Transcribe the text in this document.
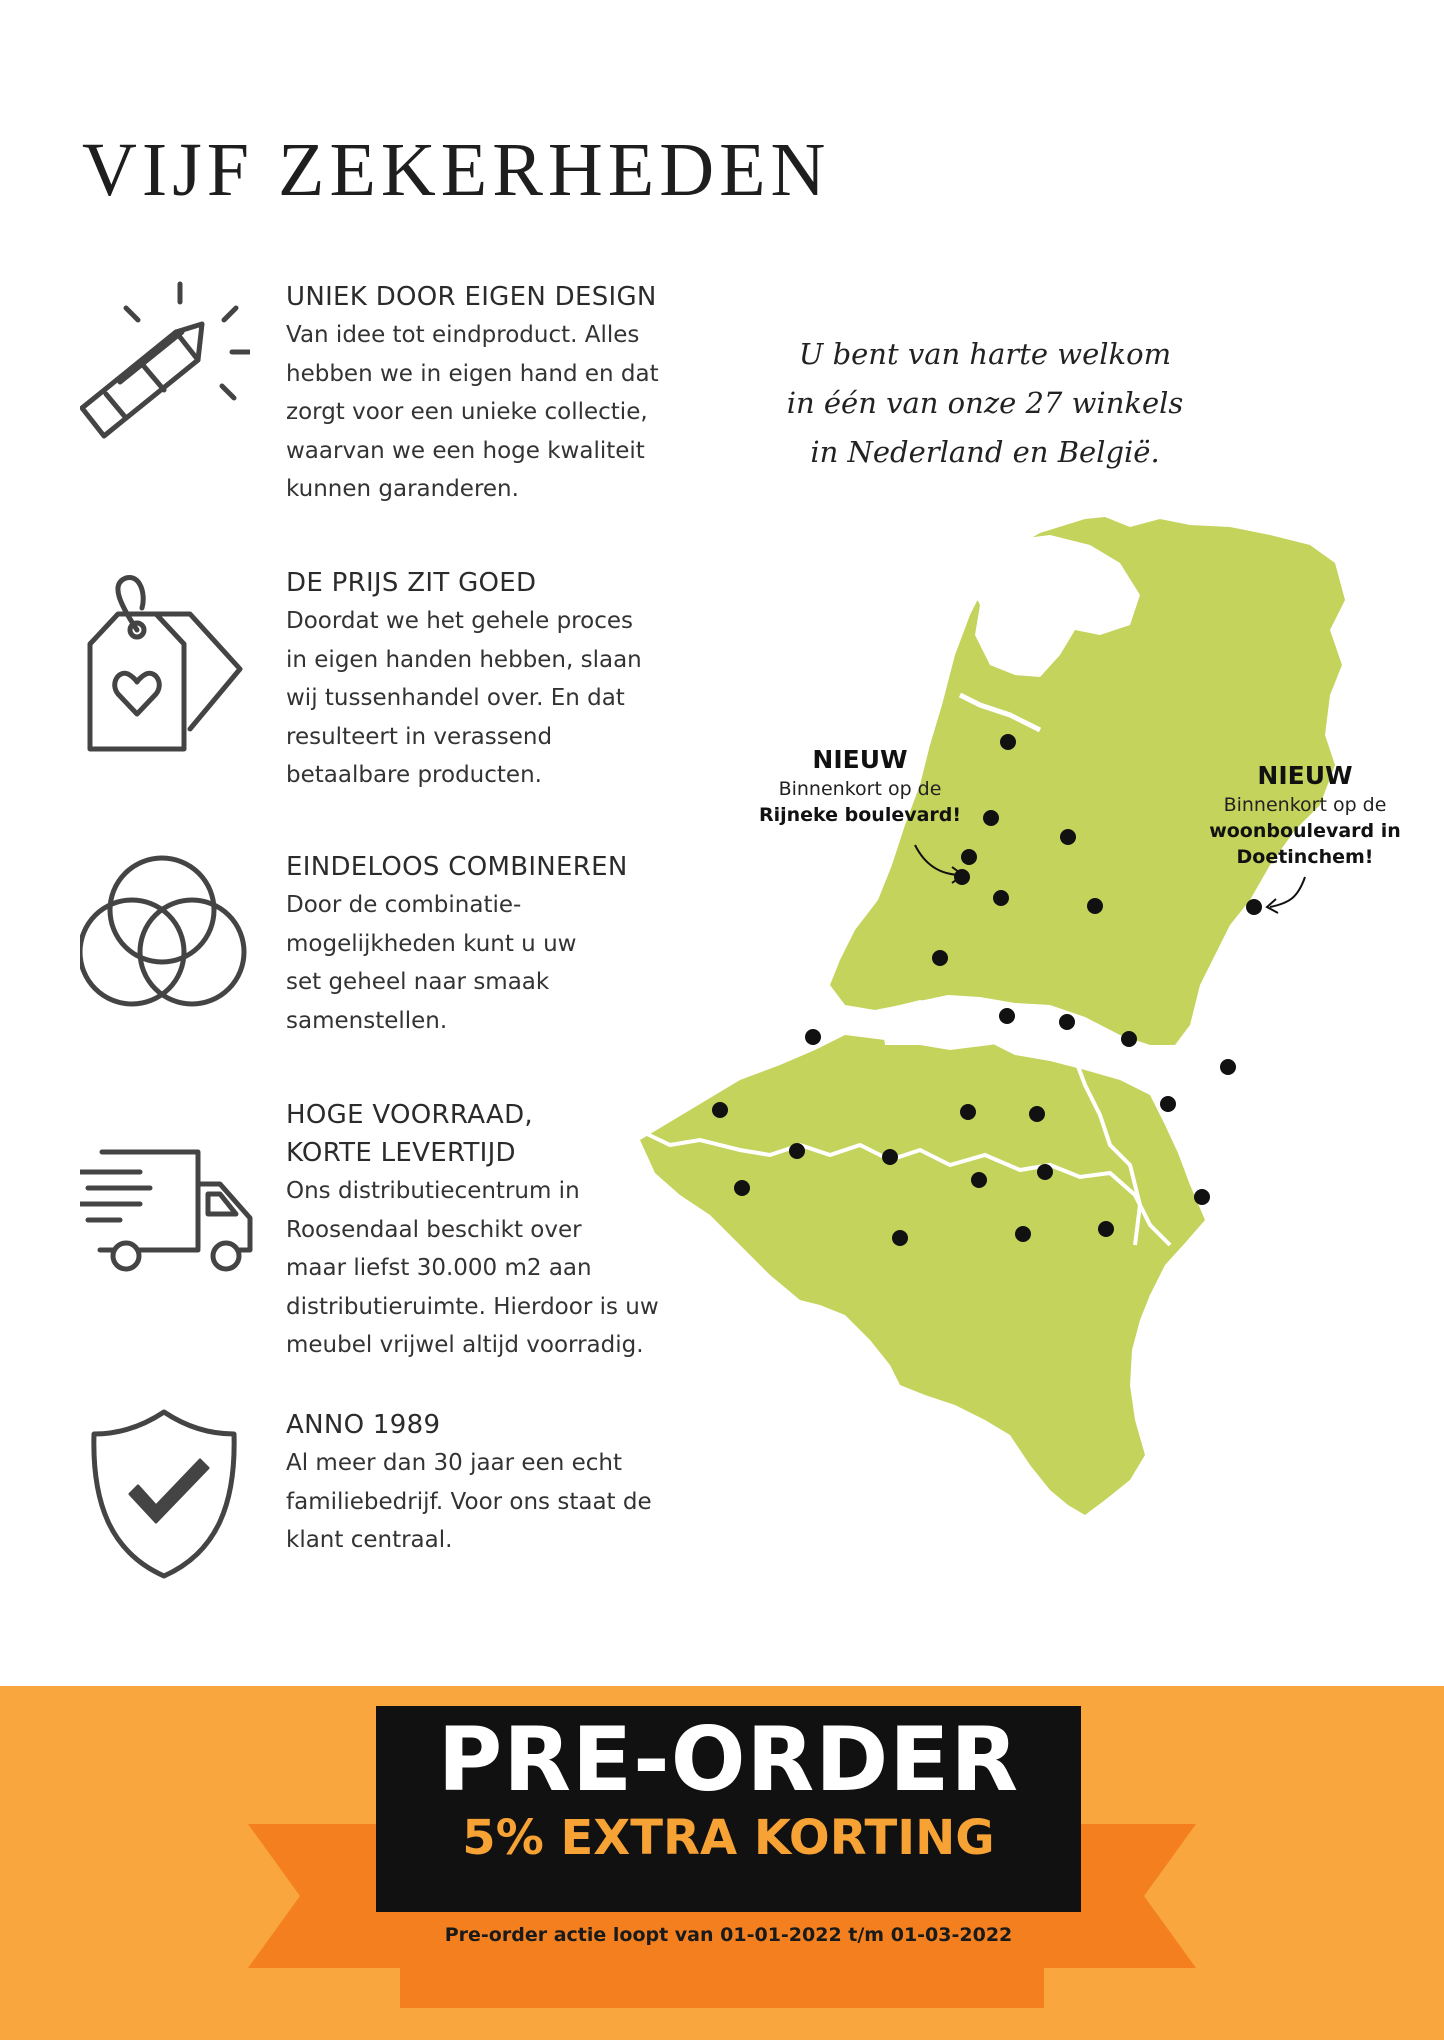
VIJF ZEKERHEDEN
UNIEK DOOR EIGEN DESIGN
Van idee tot eindproduct. Alles
hebben we in eigen hand en dat
zorgt voor een unieke collectie,
waarvan we een hoge kwaliteit
kunnen garanderen.
DE PRIJS ZIT GOED
Doordat we het gehele proces
in eigen handen hebben, slaan
wij tussenhandel over. En dat
resulteert in verassend
betaalbare producten.
EINDELOOS COMBINEREN
Door de combinatie-
mogelijkheden kunt u uw
set geheel naar smaak
samenstellen.
HOGE VOORRAAD,
KORTE LEVERTIJD
Ons distributiecentrum in
Roosendaal beschikt over
maar liefst 30.000 m2 aan
distributieruimte. Hierdoor is uw
meubel vrijwel altijd voorradig.
ANNO 1989
Al meer dan 30 jaar een echt
familiebedrijf. Voor ons staat de
klant centraal.
U bent van harte welkom
in één van onze 27 winkels
in Nederland en België.
NIEUW
Binnenkort op de
Rijneke boulevard!
NIEUW
Binnenkort op de
woonboulevard in
Doetinchem!
PRE-ORDER
5% EXTRA KORTING
Pre-order actie loopt van 01-01-2022 t/m 01-03-2022
